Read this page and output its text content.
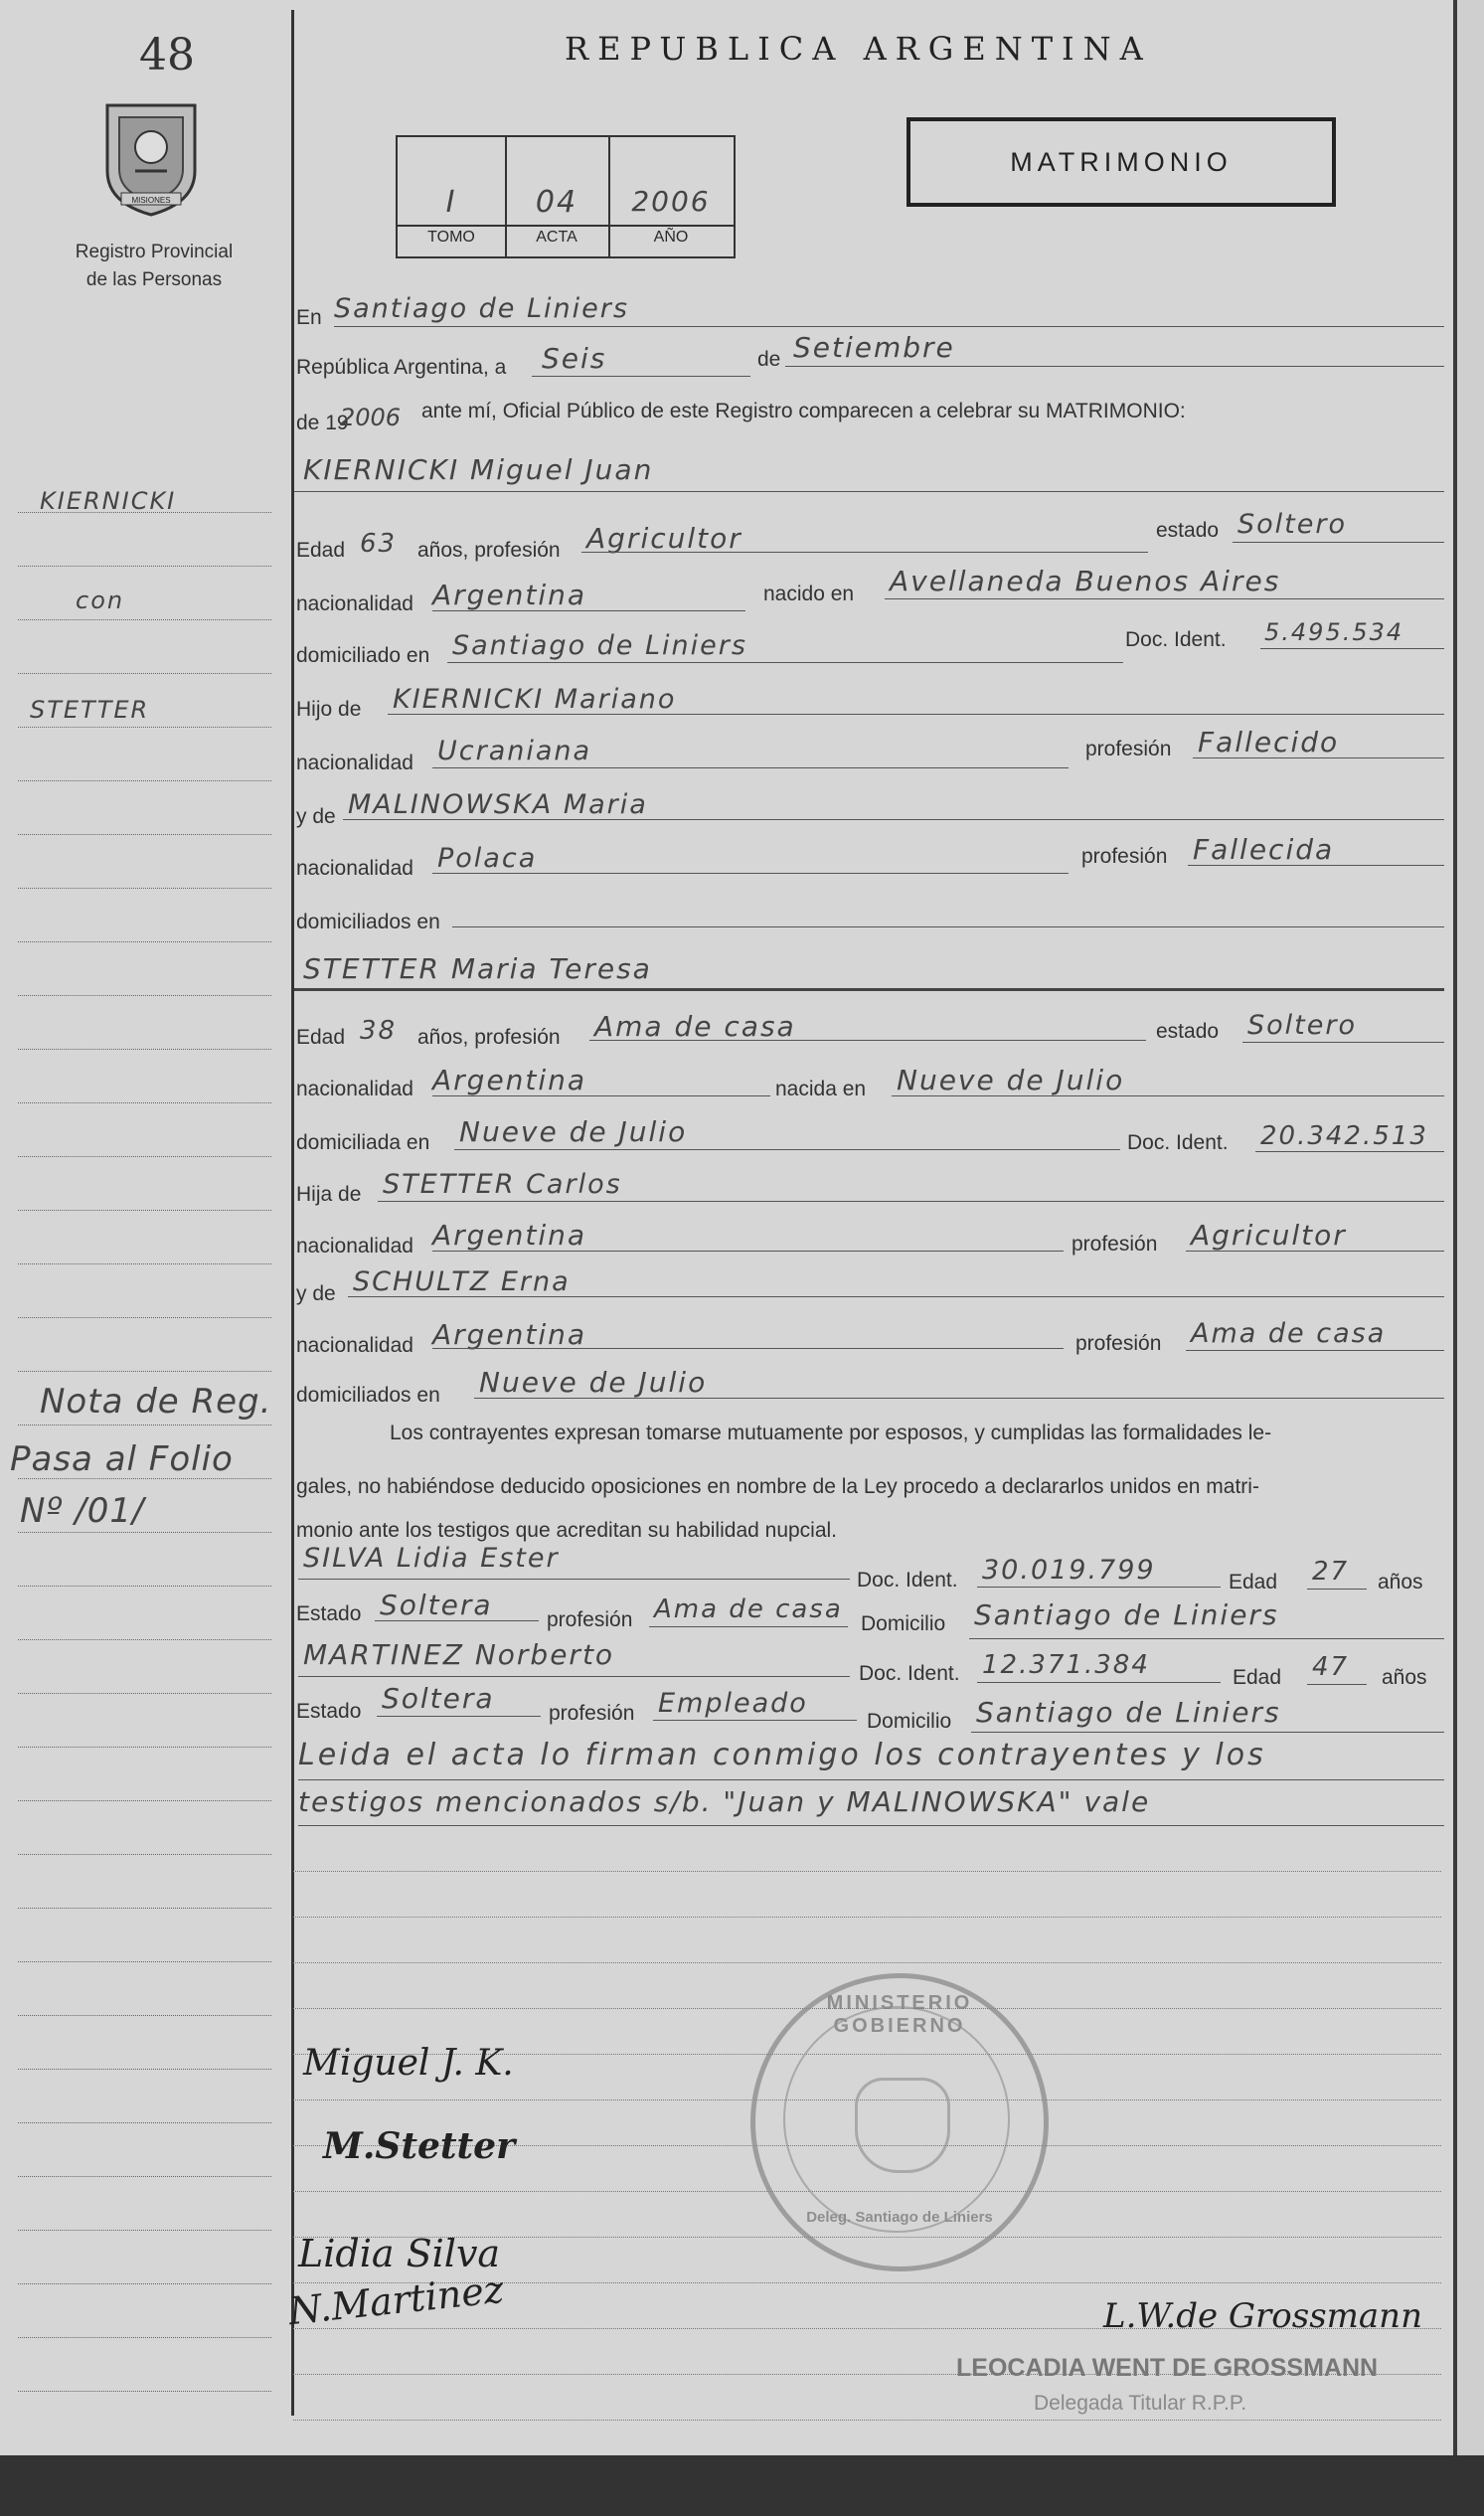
48
MISIONES
Registro Provincial
de las Personas
REPUBLICA ARGENTINA
I	04	2006
TOMO	ACTA	AÑO
MATRIMONIO
KIERNICKI
con
STETTER
Nota de Reg.
Pasa al Folio
Nº /01/
En Santiago de Liniers
República Argentina, a Seis	de Setiembre
de 19
2006 ante mí, Oficial Público de este Registro comparecen a celebrar su MATRIMONIO:
KIERNICKI Miguel Juan
Edad 63 años, profesión Agricultor	estado Soltero
nacionalidad Argentina	nacido en Avellaneda Buenos Aires
domiciliado en Santiago de Liniers	Doc. Ident. 5.495.534
Hijo de KIERNICKI Mariano
nacionalidad Ucraniana	profesión Fallecido
y de MALINOWSKA Maria
nacionalidad Polaca	profesión Fallecida
domiciliados en
STETTER Maria Teresa
Edad 38 años, profesión Ama de casa	estado Soltero
nacionalidad Argentina	nacida en Nueve de Julio
domiciliada en Nueve de Julio	Doc. Ident. 20.342.513
Hija de STETTER Carlos
nacionalidad Argentina	profesión Agricultor
y de SCHULTZ Erna
nacionalidad Argentina	profesión Ama de casa
domiciliados en Nueve de Julio
Los contrayentes expresan tomarse mutuamente por esposos, y cumplidas las formalidades le-
gales, no habiéndose deducido oposiciones en nombre de la Ley procedo a declararlos unidos en matri-
monio ante los testigos que acreditan su habilidad nupcial.
SILVA Lidia Ester
Doc. Ident. 30.019.799	Edad 27 años
Estado Soltera	profesión Ama de casa Domicilio Santiago de Liniers
MARTINEZ Norberto
Doc. Ident. 12.371.384	Edad 47 años
Estado Soltera	profesión Empleado
Domicilio Santiago de Liniers
Leida el acta lo firman conmigo los contrayentes y los
testigos mencionados s/b. "Juan y MALINOWSKA" vale
MINISTERIO GOBIERNO
Deleg. Santiago de Liniers
Miguel J. K.
M.Stetter
Lidia Silva
N.Martinez	L.W.de Grossmann
LEOCADIA WENT DE GROSSMANN
Delegada Titular R.P.P.
